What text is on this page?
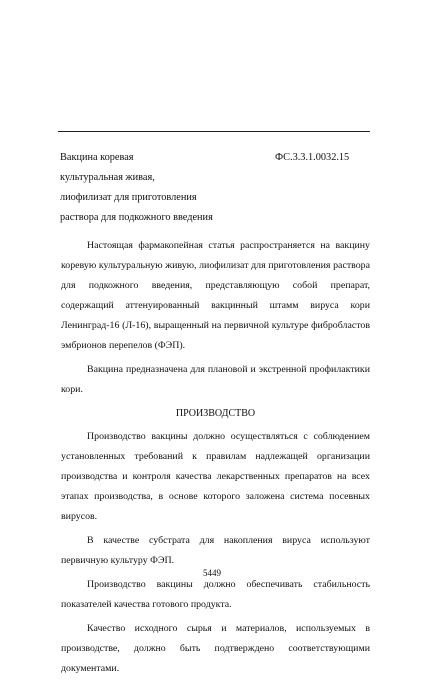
Вакцина коревая
культуральная живая,
лиофилизат для приготовления
раствора для подкожного введения
ФС.3.3.1.0032.15

Настоящая фармакопейная статья распространяется на вакцину коревую культуральную живую, лиофилизат для приготовления раствора для подкожного введения, представляющую собой препарат, содержащий аттенуированный вакцинный штамм вируса кори Ленинград-16 (Л-16), выращенный на первичной культуре фибробластов эмбрионов перепелов (ФЭП).

Вакцина предназначена для плановой и экстренной профилактики кори.

ПРОИЗВОДСТВО

Производство вакцины должно осуществляться с соблюдением установленных требований к правилам надлежащей организации производства и контроля качества лекарственных препаратов на всех этапах производства, в основе которого заложена система посевных вирусов.

В качестве субстрата для накопления вируса используют первичную культуру ФЭП.

Производство вакцины должно обеспечивать стабильность показателей качества готового продукта.

Качество исходного сырья и материалов, используемых в производстве, должно быть подтверждено соответствующими документами.

5449
